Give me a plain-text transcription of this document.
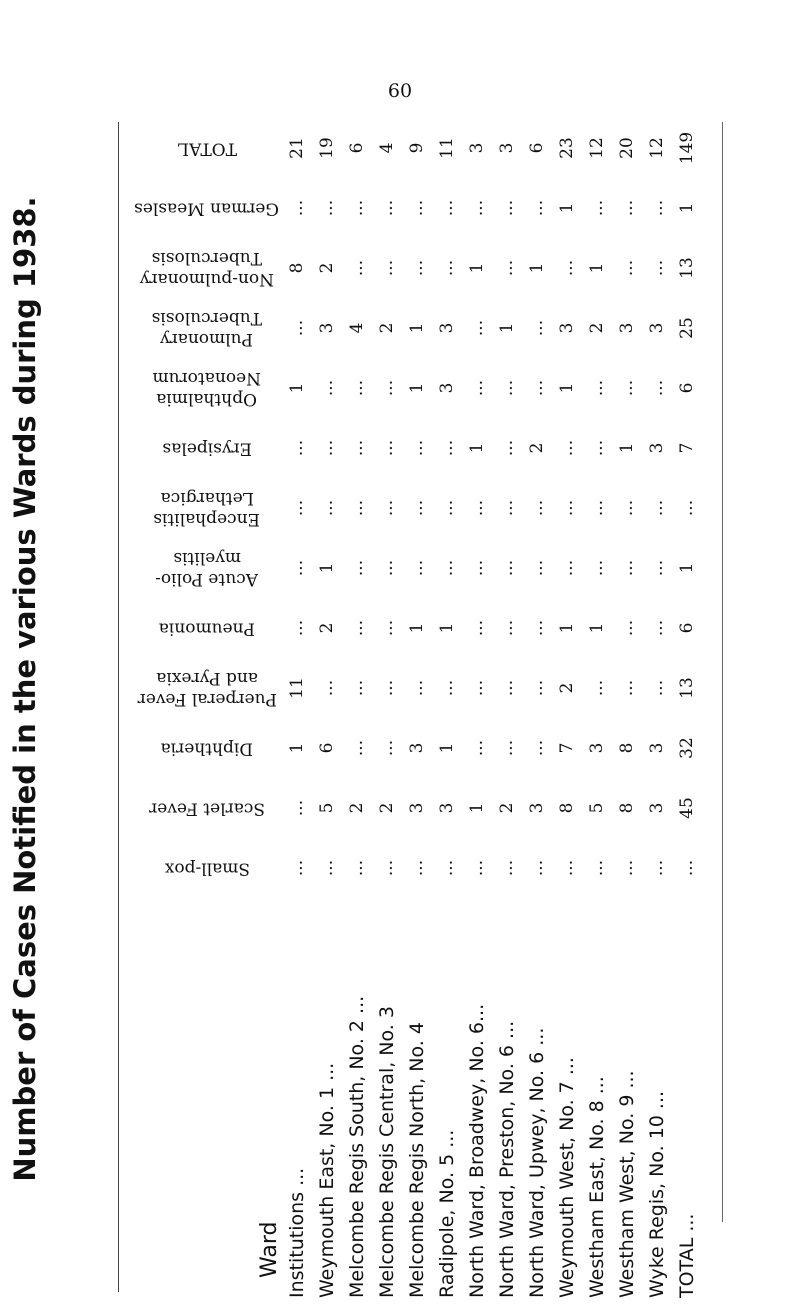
60
Number of Cases Notified in the various Wards during 1938.
Ward	Small-pox	Scarlet Fever	Diphtheria	Puerperal Fever and Pyrexia	Pneumonia	Acute Polio-myelitis	Encephalitis Lethargica	Erysipelas	Ophthalmia Neonatorum	Pulmonary Tuberculosis	Non-pulmonary Tuberculosis	German Measles	TOTAL
Institutions ...	...	...	1	11	...	...	...	...	1	...	8	...	21
Weymouth East, No. 1 ...	...	5	6	...	2	1	...	...	...	3	2	...	19
Melcombe Regis South, No. 2 ...	...	2	...	...	...	...	...	...	...	4	...	...	6
Melcombe Regis Central, No. 3	...	2	...	...	...	...	...	...	...	2	...	...	4
Melcombe Regis North, No. 4	...	3	3	...	1	...	...	...	1	1	...	...	9
Radipole, No. 5 ...	...	3	1	...	1	...	...	...	3	3	...	...	11
North Ward, Broadwey, No. 6...	...	1	...	...	...	...	...	1	...	...	1	...	3
North Ward, Preston, No. 6 ...	...	2	...	...	...	...	...	...	...	1	...	...	3
North Ward, Upwey, No. 6 ...	...	3	...	...	...	...	...	2	...	...	1	...	6
Weymouth West, No. 7 ...	...	8	7	2	1	...	...	...	1	3	...	1	23
Westham East, No. 8 ...	...	5	3	...	1	...	...	...	...	2	1	...	12
Westham West, No. 9 ...	...	8	8	...	...	...	...	1	...	3	...	...	20
Wyke Regis, No. 10 ...	...	3	3	...	...	...	...	3	...	3	...	...	12
TOTAL ...	...	45	32	13	6	1	...	7	6	25	13	1	149
